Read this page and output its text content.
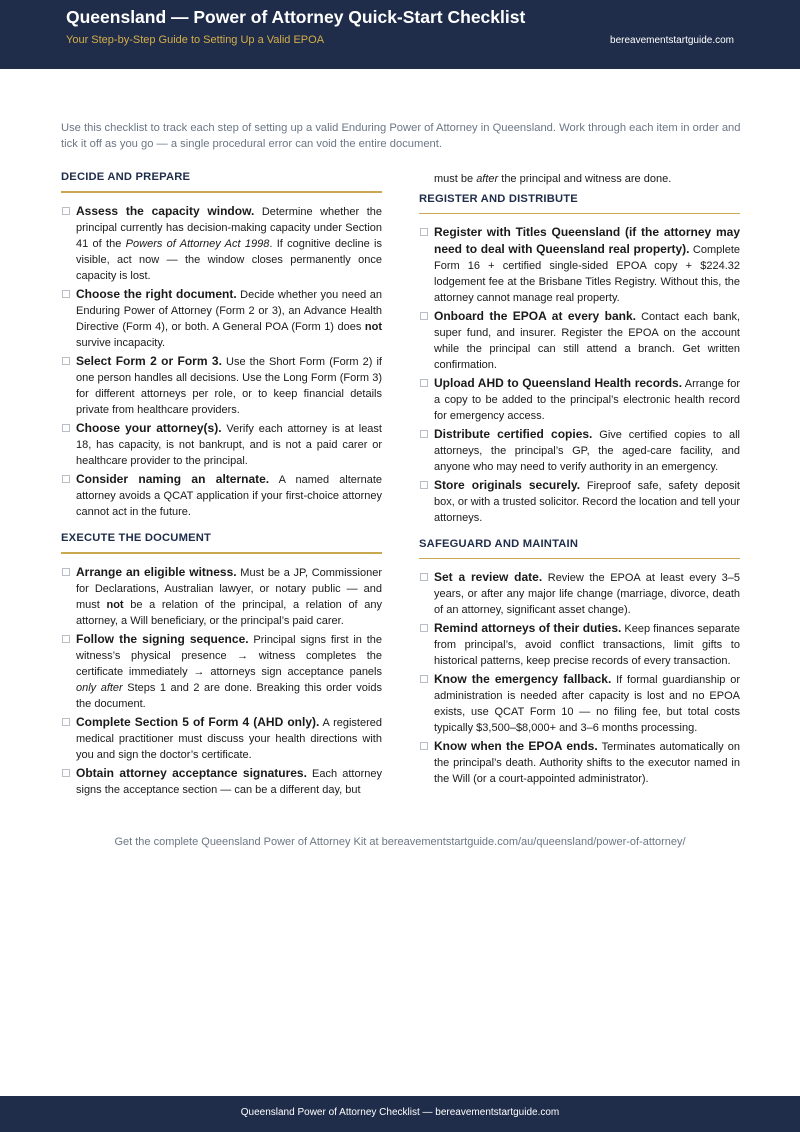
Queensland — Power of Attorney Quick-Start Checklist
Your Step-by-Step Guide to Setting Up a Valid EPOA	bereavementstartguide.com
Use this checklist to track each step of setting up a valid Enduring Power of Attorney in Queensland. Work through each item in order and tick it off as you go — a single procedural error can void the entire document.
DECIDE AND PREPARE
Assess the capacity window. Determine whether the principal currently has decision-making capacity under Section 41 of the Powers of Attorney Act 1998. If cognitive decline is visible, act now — the window closes permanently once capacity is lost.
Choose the right document. Decide whether you need an Enduring Power of Attorney (Form 2 or 3), an Advance Health Directive (Form 4), or both. A General POA (Form 1) does not survive incapacity.
Select Form 2 or Form 3. Use the Short Form (Form 2) if one person handles all decisions. Use the Long Form (Form 3) for different attorneys per role, or to keep financial details private from healthcare providers.
Choose your attorney(s). Verify each attorney is at least 18, has capacity, is not bankrupt, and is not a paid carer or healthcare provider to the principal.
Consider naming an alternate. A named alternate attorney avoids a QCAT application if your first-choice attorney cannot act in the future.
EXECUTE THE DOCUMENT
Arrange an eligible witness. Must be a JP, Commissioner for Declarations, Australian lawyer, or notary public — and must not be a relation of the principal, a relation of any attorney, a Will beneficiary, or the principal’s paid carer.
Follow the signing sequence. Principal signs first in the witness’s physical presence → witness completes the certificate immediately → attorneys sign acceptance panels only after Steps 1 and 2 are done. Breaking this order voids the document.
Complete Section 5 of Form 4 (AHD only). A registered medical practitioner must discuss your health directions with you and sign the doctor’s certificate.
Obtain attorney acceptance signatures. Each attorney signs the acceptance section — can be a different day, but
must be after the principal and witness are done.
REGISTER AND DISTRIBUTE
Register with Titles Queensland (if the attorney may need to deal with Queensland real property). Complete Form 16 + certified single-sided EPOA copy + $224.32 lodgement fee at the Brisbane Titles Registry. Without this, the attorney cannot manage real property.
Onboard the EPOA at every bank. Contact each bank, super fund, and insurer. Register the EPOA on the account while the principal can still attend a branch. Get written confirmation.
Upload AHD to Queensland Health records. Arrange for a copy to be added to the principal’s electronic health record for emergency access.
Distribute certified copies. Give certified copies to all attorneys, the principal’s GP, the aged-care facility, and anyone who may need to verify authority in an emergency.
Store originals securely. Fireproof safe, safety deposit box, or with a trusted solicitor. Record the location and tell your attorneys.
SAFEGUARD AND MAINTAIN
Set a review date. Review the EPOA at least every 3–5 years, or after any major life change (marriage, divorce, death of an attorney, significant asset change).
Remind attorneys of their duties. Keep finances separate from principal’s, avoid conflict transactions, limit gifts to historical patterns, keep precise records of every transaction.
Know the emergency fallback. If formal guardianship or administration is needed after capacity is lost and no EPOA exists, use QCAT Form 10 — no filing fee, but total costs typically $3,500–$8,000+ and 3–6 months processing.
Know when the EPOA ends. Terminates automatically on the principal’s death. Authority shifts to the executor named in the Will (or a court-appointed administrator).
Get the complete Queensland Power of Attorney Kit at bereavementstartguide.com/au/queensland/power-of-attorney/
Queensland Power of Attorney Checklist — bereavementstartguide.com
